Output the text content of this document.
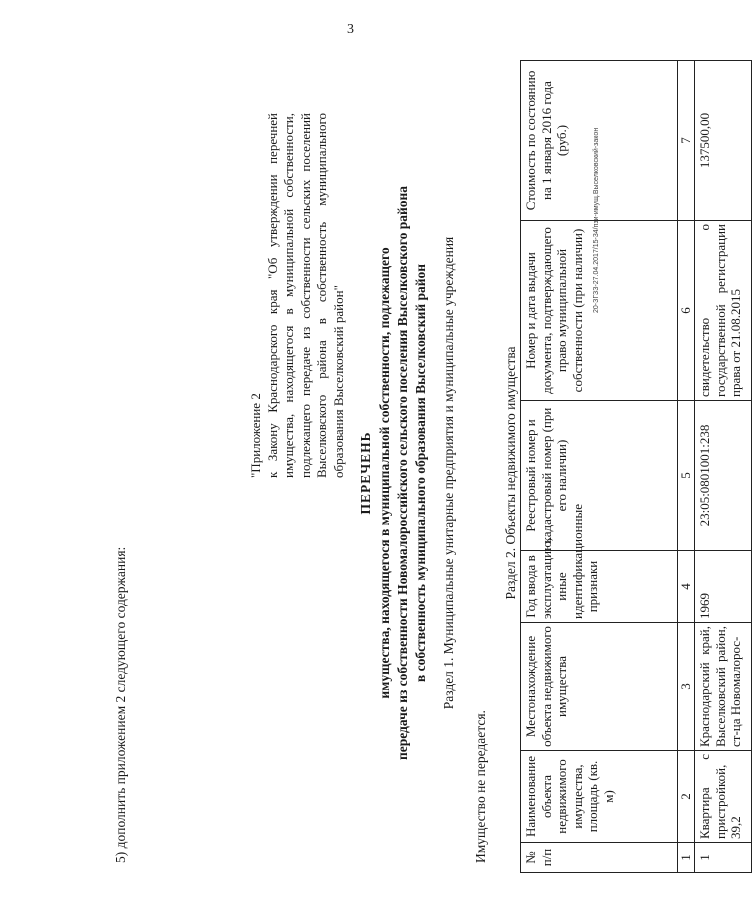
3
5) дополнить приложением 2 следующего содержания:
"Приложение 2 к Закону Краснодарского края "Об утверждении перечней имущества, находящегося в муниципальной собственности, подлежащего передаче из собственности сельских поселений Выселковского района в собственность муниципального образования Выселковский район" ПЕРЕЧЕНЬ имущества, находящегося в муниципальной собственности, подлежащего передаче из собственности Новомалороссийского сельского поселения Выселковского района в собственность муниципального образования Выселковский район Раздел 1. Муниципальные унитарные предприятия и муниципальные учреждения
Имущество не передается.
Раздел 2. Объекты недвижимого имущества
№ п/п	Наименование объекта недвижимого имущества, площадь (кв. м)	Местонахождение объекта недвижимого имущества	Год ввода в эксплуатацию, иные идентификационные признаки	Реестровый номер и кадастровый номер (при его наличии)	Номер и дата выдачи документа, подтверждающего право муниципальной собственности (при наличии)	Стоимость по состоянию на 1 января 2016 года (руб.)
1	2	3	4	5	6	7
1	Квартира с пристройкой, 39,2	Краснодарский край, Выселковский район, ст-ца Новомалорос-	1969	23:05:0801001:238	свидетельство о государственной регистрации права от 21.08.2015	137500,00
20-ЗГЗЗ-27.04.2017/15-34/пзи-имущ.Выселковский-закон
